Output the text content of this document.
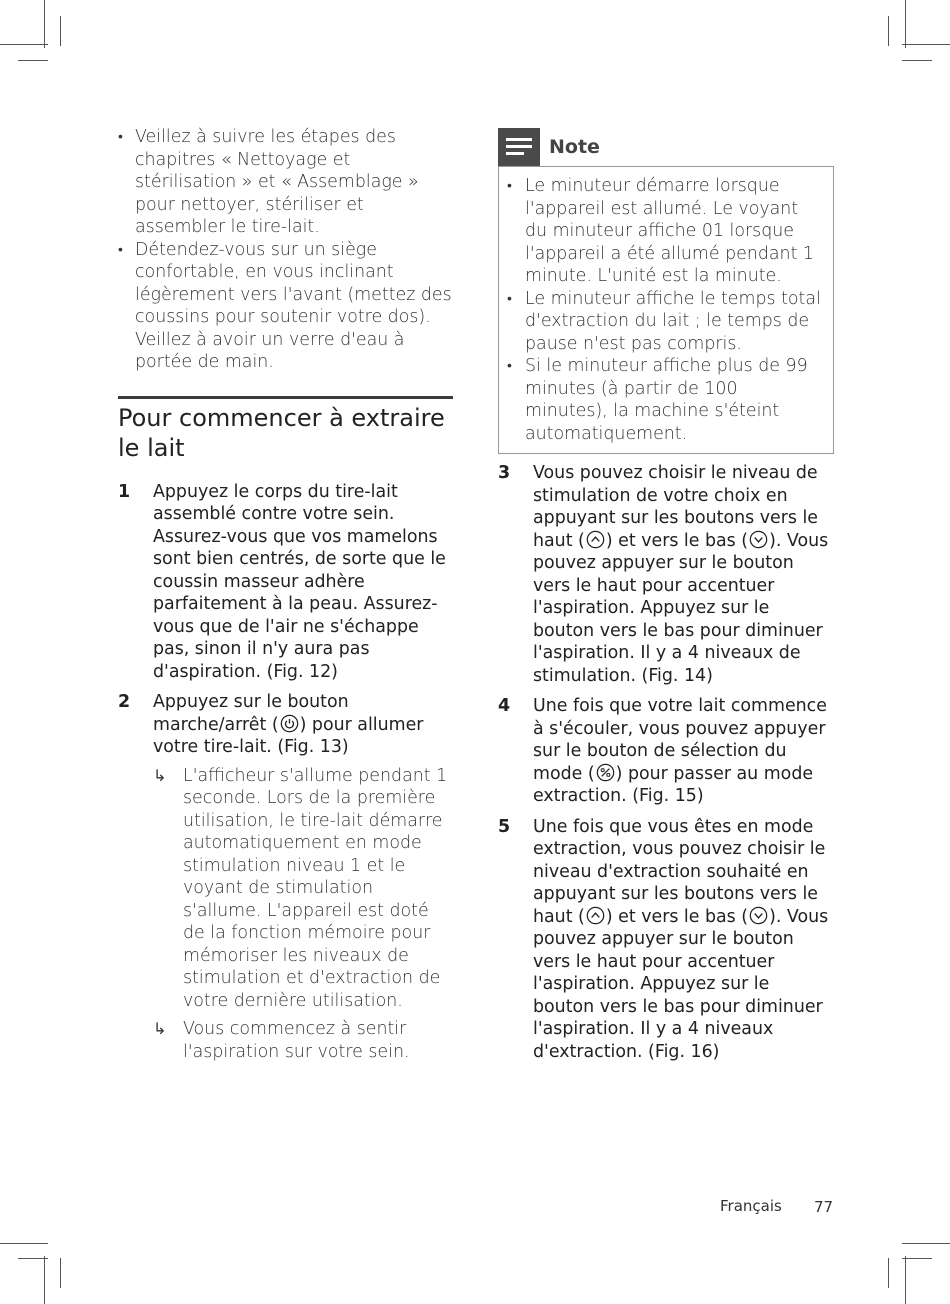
• Veillez à suivre les étapes des chapitres « Nettoyage et stérilisation » et « Assemblage » pour nettoyer, stériliser et assembler le tire-lait.
• Détendez-vous sur un siège confortable, en vous inclinant légèrement vers l'avant (mettez des coussins pour soutenir votre dos). Veillez à avoir un verre d'eau à portée de main.
Pour commencer à extraire le lait
1 Appuyez le corps du tire-lait assemblé contre votre sein. Assurez-vous que vos mamelons sont bien centrés, de sorte que le coussin masseur adhère parfaitement à la peau. Assurez-vous que de l'air ne s'échappe pas, sinon il n'y aura pas d'aspiration. (Fig. 12)
2 Appuyez sur le bouton marche/arrêt ( ) pour allumer votre tire-lait. (Fig. 13)
↳ L'afficheur s'allume pendant 1 seconde. Lors de la première utilisation, le tire-lait démarre automatiquement en mode stimulation niveau 1 et le voyant de stimulation s'allume. L'appareil est doté de la fonction mémoire pour mémoriser les niveaux de stimulation et d'extraction de votre dernière utilisation.
↳ Vous commencez à sentir l'aspiration sur votre sein.
Note
• Le minuteur démarre lorsque l'appareil est allumé. Le voyant du minuteur affiche 01 lorsque l'appareil a été allumé pendant 1 minute. L'unité est la minute.
• Le minuteur affiche le temps total d'extraction du lait ; le temps de pause n'est pas compris.
• Si le minuteur affiche plus de 99 minutes (à partir de 100 minutes), la machine s'éteint automatiquement.
3 Vous pouvez choisir le niveau de stimulation de votre choix en appuyant sur les boutons vers le haut ( ) et vers le bas ( ). Vous pouvez appuyer sur le bouton vers le haut pour accentuer l'aspiration. Appuyez sur le bouton vers le bas pour diminuer l'aspiration. Il y a 4 niveaux de stimulation. (Fig. 14)
4 Une fois que votre lait commence à s'écouler, vous pouvez appuyer sur le bouton de sélection du mode ( ) pour passer au mode extraction. (Fig. 15)
5 Une fois que vous êtes en mode extraction, vous pouvez choisir le niveau d'extraction souhaité en appuyant sur les boutons vers le haut ( ) et vers le bas ( ). Vous pouvez appuyer sur le bouton vers le haut pour accentuer l'aspiration. Appuyez sur le bouton vers le bas pour diminuer l'aspiration. Il y a 4 niveaux d'extraction. (Fig. 16)
Français 77
